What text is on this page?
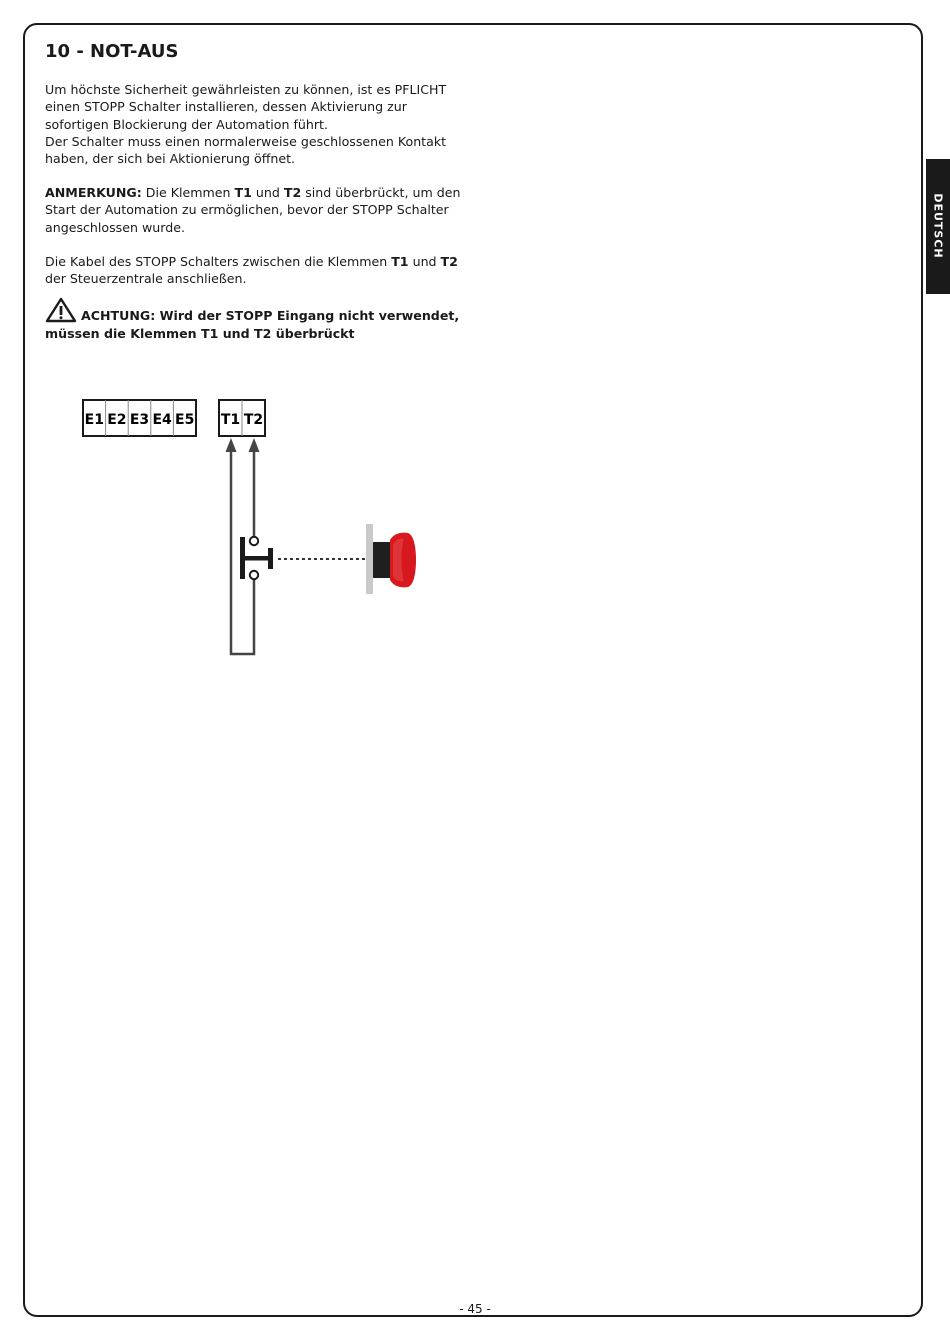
DEUTSCH
10 - NOT-AUS

Um höchste Sicherheit gewährleisten zu können, ist es PFLICHT
einen STOPP Schalter installieren, dessen Aktivierung zur
sofortigen Blockierung der Automation führt.
Der Schalter muss einen normalerweise geschlossenen Kontakt
haben, der sich bei Aktionierung öffnet.

ANMERKUNG: Die Klemmen T1 und T2 sind überbrückt, um den
Start der Automation zu ermöglichen, bevor der STOPP Schalter
angeschlossen wurde.

Die Kabel des STOPP Schalters zwischen die Klemmen T1 und T2
der Steuerzentrale anschließen.

ACHTUNG: Wird der STOPP Eingang nicht verwendet,
müssen die Klemmen T1 und T2 überbrückt
E1 E2 E3 E4 E5 T1 T2
- 45 -
